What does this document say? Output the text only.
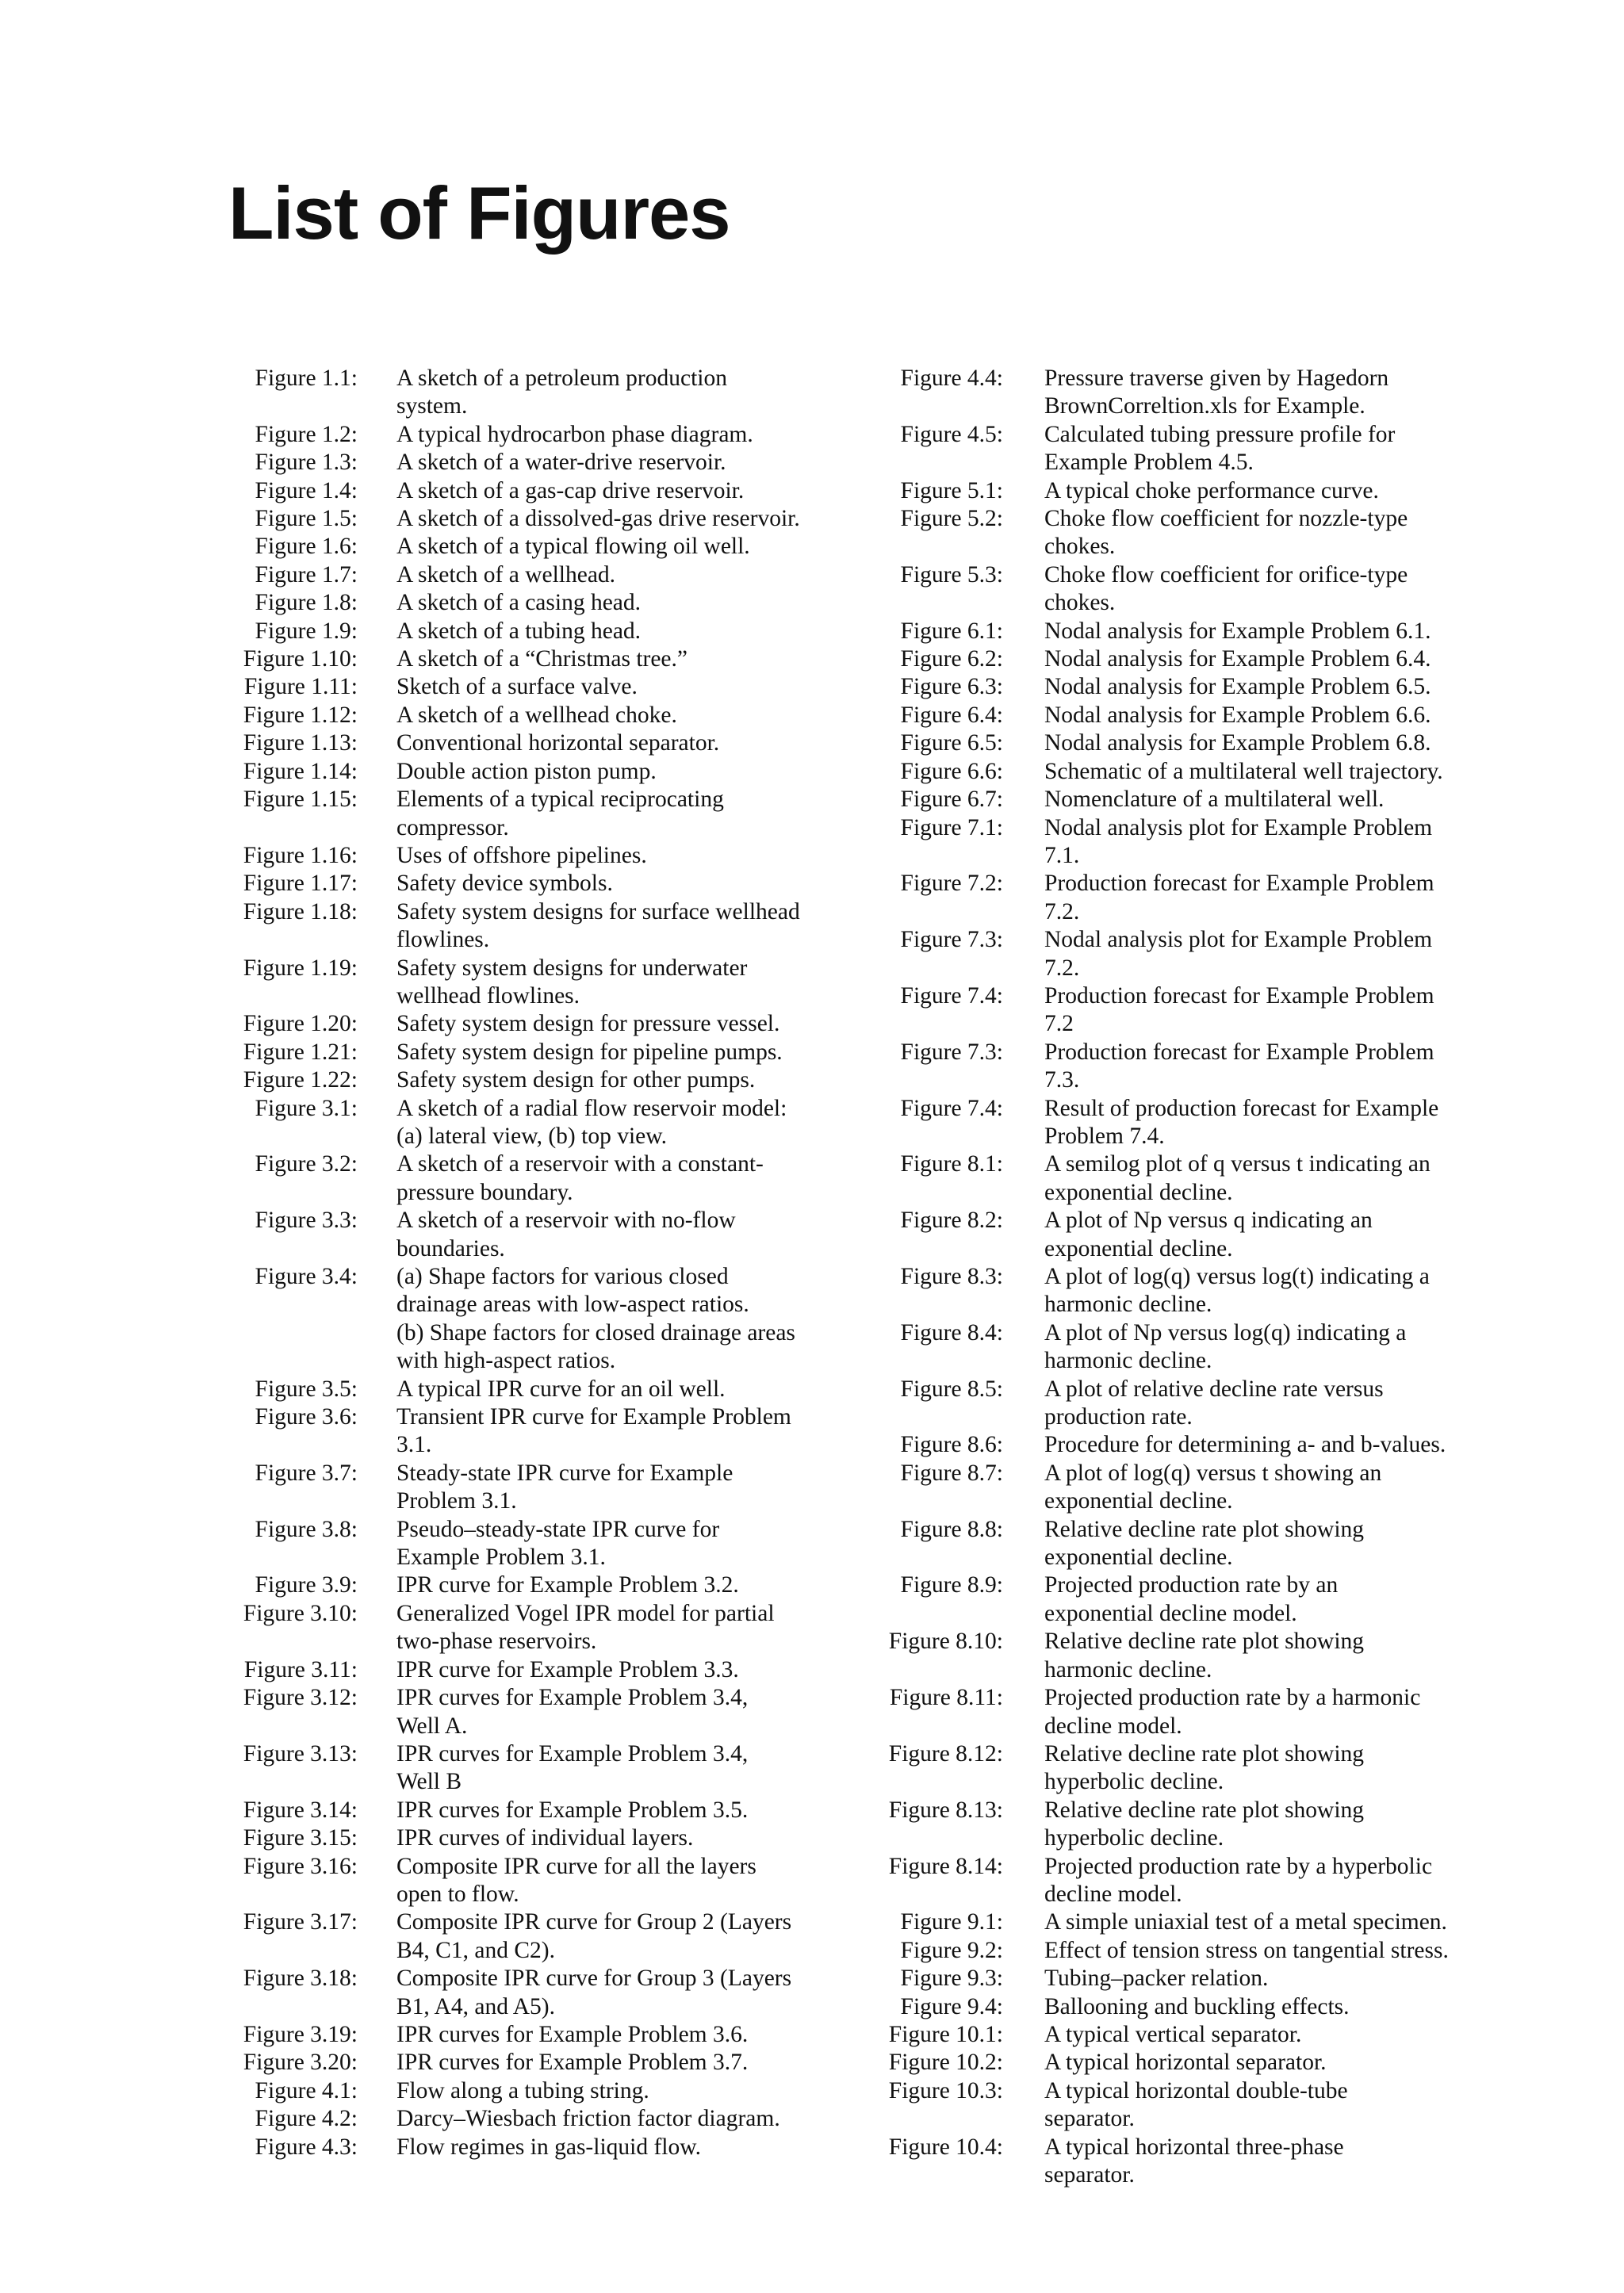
List of Figures
Figure 1.1:	A sketch of a petroleum production
system.
Figure 1.2:	A typical hydrocarbon phase diagram.
Figure 1.3:	A sketch of a water-drive reservoir.
Figure 1.4:	A sketch of a gas-cap drive reservoir.
Figure 1.5:	A sketch of a dissolved-gas drive reservoir.
Figure 1.6:	A sketch of a typical flowing oil well.
Figure 1.7:	A sketch of a wellhead.
Figure 1.8:	A sketch of a casing head.
Figure 1.9:	A sketch of a tubing head.
Figure 1.10:	A sketch of a “Christmas tree.”
Figure 1.11:	Sketch of a surface valve.
Figure 1.12:	A sketch of a wellhead choke.
Figure 1.13:	Conventional horizontal separator.
Figure 1.14:	Double action piston pump.
Figure 1.15:	Elements of a typical reciprocating
compressor.
Figure 1.16:	Uses of offshore pipelines.
Figure 1.17:	Safety device symbols.
Figure 1.18:	Safety system designs for surface wellhead
flowlines.
Figure 1.19:	Safety system designs for underwater
wellhead flowlines.
Figure 1.20:	Safety system design for pressure vessel.
Figure 1.21:	Safety system design for pipeline pumps.
Figure 1.22:	Safety system design for other pumps.
Figure 3.1:	A sketch of a radial flow reservoir model:
(a) lateral view, (b) top view.
Figure 3.2:	A sketch of a reservoir with a constant-
pressure boundary.
Figure 3.3:	A sketch of a reservoir with no-flow
boundaries.
Figure 3.4:	(a) Shape factors for various closed
drainage areas with low-aspect ratios.
(b) Shape factors for closed drainage areas
with high-aspect ratios.
Figure 3.5:	A typical IPR curve for an oil well.
Figure 3.6:	Transient IPR curve for Example Problem
3.1.
Figure 3.7:	Steady-state IPR curve for Example
Problem 3.1.
Figure 3.8:	Pseudo–steady-state IPR curve for
Example Problem 3.1.
Figure 3.9:	IPR curve for Example Problem 3.2.
Figure 3.10:	Generalized Vogel IPR model for partial
two-phase reservoirs.
Figure 3.11:	IPR curve for Example Problem 3.3.
Figure 3.12:	IPR curves for Example Problem 3.4,
Well A.
Figure 3.13:	IPR curves for Example Problem 3.4,
Well B
Figure 3.14:	IPR curves for Example Problem 3.5.
Figure 3.15:	IPR curves of individual layers.
Figure 3.16:	Composite IPR curve for all the layers
open to flow.
Figure 3.17:	Composite IPR curve for Group 2 (Layers
B4, C1, and C2).
Figure 3.18:	Composite IPR curve for Group 3 (Layers
B1, A4, and A5).
Figure 3.19:	IPR curves for Example Problem 3.6.
Figure 3.20:	IPR curves for Example Problem 3.7.
Figure 4.1:	Flow along a tubing string.
Figure 4.2:	Darcy–Wiesbach friction factor diagram.
Figure 4.3:	Flow regimes in gas-liquid flow.
Figure 4.4:	Pressure traverse given by Hagedorn
BrownCorreltion.xls for Example.
Figure 4.5:	Calculated tubing pressure profile for
Example Problem 4.5.
Figure 5.1:	A typical choke performance curve.
Figure 5.2:	Choke flow coefficient for nozzle-type
chokes.
Figure 5.3:	Choke flow coefficient for orifice-type
chokes.
Figure 6.1:	Nodal analysis for Example Problem 6.1.
Figure 6.2:	Nodal analysis for Example Problem 6.4.
Figure 6.3:	Nodal analysis for Example Problem 6.5.
Figure 6.4:	Nodal analysis for Example Problem 6.6.
Figure 6.5:	Nodal analysis for Example Problem 6.8.
Figure 6.6:	Schematic of a multilateral well trajectory.
Figure 6.7:	Nomenclature of a multilateral well.
Figure 7.1:	Nodal analysis plot for Example Problem
7.1.
Figure 7.2:	Production forecast for Example Problem
7.2.
Figure 7.3:	Nodal analysis plot for Example Problem
7.2.
Figure 7.4:	Production forecast for Example Problem
7.2
Figure 7.3:	Production forecast for Example Problem
7.3.
Figure 7.4:	Result of production forecast for Example
Problem 7.4.
Figure 8.1:	A semilog plot of q versus t indicating an
exponential decline.
Figure 8.2:	A plot of Np versus q indicating an
exponential decline.
Figure 8.3:	A plot of log(q) versus log(t) indicating a
harmonic decline.
Figure 8.4:	A plot of Np versus log(q) indicating a
harmonic decline.
Figure 8.5:	A plot of relative decline rate versus
production rate.
Figure 8.6:	Procedure for determining a- and b-values.
Figure 8.7:	A plot of log(q) versus t showing an
exponential decline.
Figure 8.8:	Relative decline rate plot showing
exponential decline.
Figure 8.9:	Projected production rate by an
exponential decline model.
Figure 8.10:	Relative decline rate plot showing
harmonic decline.
Figure 8.11:	Projected production rate by a harmonic
decline model.
Figure 8.12:	Relative decline rate plot showing
hyperbolic decline.
Figure 8.13:	Relative decline rate plot showing
hyperbolic decline.
Figure 8.14:	Projected production rate by a hyperbolic
decline model.
Figure 9.1:	A simple uniaxial test of a metal specimen.
Figure 9.2:	Effect of tension stress on tangential stress.
Figure 9.3:	Tubing–packer relation.
Figure 9.4:	Ballooning and buckling effects.
Figure 10.1:	A typical vertical separator.
Figure 10.2:	A typical horizontal separator.
Figure 10.3:	A typical horizontal double-tube
separator.
Figure 10.4:	A typical horizontal three-phase
separator.
